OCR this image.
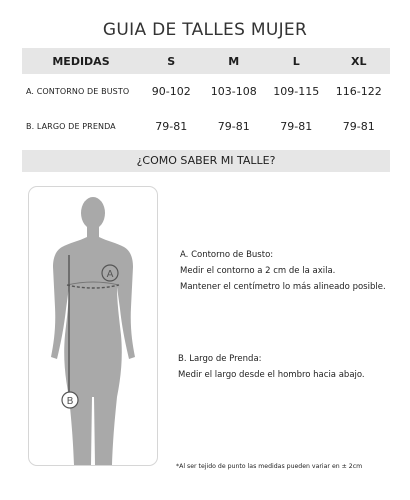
GUIA DE TALLES MUJER
MEDIDAS	S	M	L	XL
A. CONTORNO DE BUSTO	90-102	103-108	109-115	116-122
B. LARGO DE PRENDA	79-81	79-81	79-81	79-81
¿COMO SABER MI TALLE?
A
B
A. Contorno de Busto:
Medir el contorno a 2 cm de la axila.
Mantener el centímetro lo más alineado posible.
B. Largo de Prenda:
Medir el largo desde el hombro hacia abajo.
*Al ser tejido de punto las medidas pueden variar en ± 2cm
